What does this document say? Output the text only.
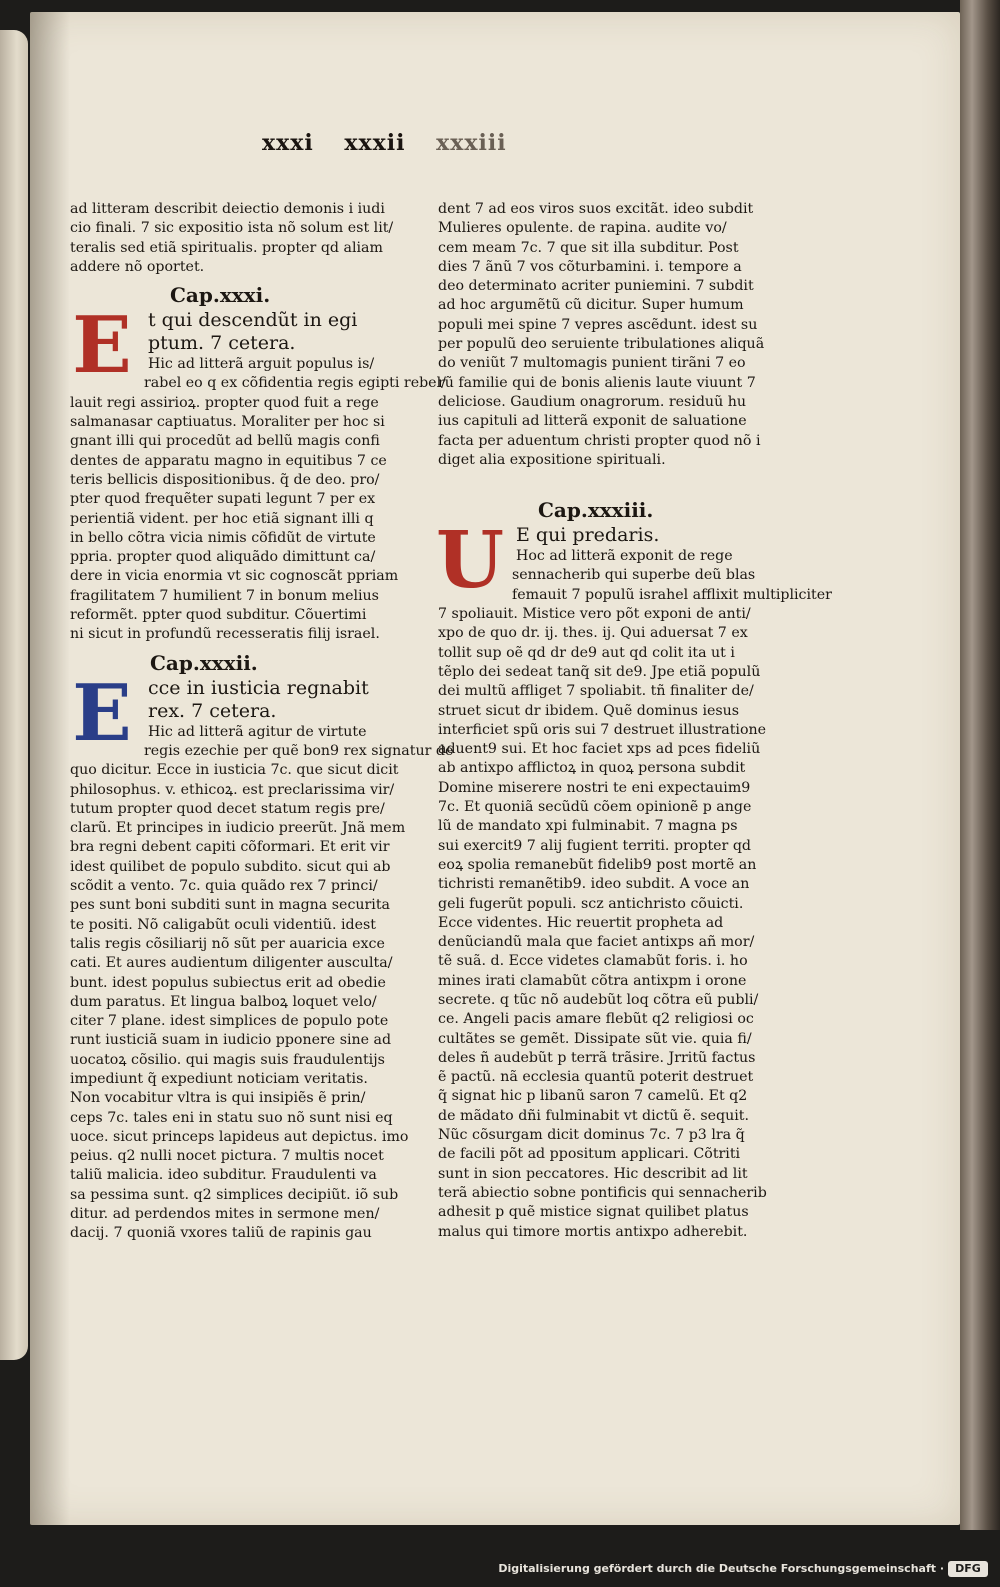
xxxi xxxii xxxiii

ad litteram describit deiectio demonis i iudi

cio finali. 7 sic expositio ista nõ solum est lit/

teralis sed etiã spiritualis. propter qd aliam

addere nõ oportet.

Cap.xxxi.

E t qui descendũt in egi

ptum. 7 cetera.

Hic ad litterã arguit populus is/

rabel eo q ex cõfidentia regis egipti rebel/

lauit regi assirioꝝ. propter quod fuit a rege

salmanasar captiuatus. Moraliter per hoc si

gnant illi qui procedũt ad bellũ magis confi

dentes de apparatu magno in equitibus 7 ce

teris bellicis dispositionibus. q̃ de deo. pro/

pter quod frequẽter supati legunt 7 per ex

perientiã vident. per hoc etiã signant illi q

in bello cõtra vicia nimis cõfidũt de virtute

ppria. propter quod aliquãdo dimittunt ca/

dere in vicia enormia vt sic cognoscãt ppriam

fragilitatem 7 humilient 7 in bonum melius

reformẽt. ppter quod subditur. Cõuertimi

ni sicut in profundũ recesseratis filij israel.

Cap.xxxii.

E cce in iusticia regnabit

rex. 7 cetera.

Hic ad litterã agitur de virtute

regis ezechie per quẽ bon9 rex signatur de

quo dicitur. Ecce in iusticia 7c. que sicut dicit

philosophus. v. ethicoꝝ. est preclarissima vir/

tutum propter quod decet statum regis pre/

clarũ. Et principes in iudicio preerũt. Jnã mem

bra regni debent capiti cõformari. Et erit vir

idest quilibet de populo subdito. sicut qui ab

scõdit a vento. 7c. quia quãdo rex 7 princi/

pes sunt boni subditi sunt in magna securita

te positi. Nõ caligabũt oculi videntiũ. idest

talis regis cõsiliarij nõ sũt per auaricia exce

cati. Et aures audientum diligenter ausculta/

bunt. idest populus subiectus erit ad obedie

dum paratus. Et lingua balboꝝ loquet velo/

citer 7 plane. idest simplices de populo pote

runt iusticiã suam in iudicio pponere sine ad

uocatoꝝ cõsilio. qui magis suis fraudulentijs

impediunt q̃ expediunt noticiam veritatis.

Non vocabitur vltra is qui insipiẽs ẽ prin/

ceps 7c. tales eni in statu suo nõ sunt nisi eq

uoce. sicut princeps lapideus aut depictus. imo

peius. q2 nulli nocet pictura. 7 multis nocet

taliũ malicia. ideo subditur. Fraudulenti va

sa pessima sunt. q2 simplices decipiũt. iõ sub

ditur. ad perdendos mites in sermone men/

dacij. 7 quoniã vxores taliũ de rapinis gau

dent 7 ad eos viros suos excitãt. ideo subdit

Mulieres opulente. de rapina. audite vo/

cem meam 7c. 7 que sit illa subditur. Post

dies 7 ãnũ 7 vos cõturbamini. i. tempore a

deo determinato acriter puniemini. 7 subdit

ad hoc argumẽtũ cũ dicitur. Super humum

populi mei spine 7 vepres ascẽdunt. idest su

per populũ deo seruiente tribulationes aliquã

do veniũt 7 multomagis punient tirãni 7 eo

rũ familie qui de bonis alienis laute viuunt 7

deliciose. Gaudium onagrorum. residuũ hu

ius capituli ad litterã exponit de saluatione

facta per aduentum christi propter quod nõ i

diget alia expositione spirituali.

Cap.xxxiii.

U E qui predaris.

Hoc ad litterã exponit de rege

sennacherib qui superbe deũ blas

femauit 7 populũ israhel afflixit multipliciter

7 spoliauit. Mistice vero põt exponi de anti/

xpo de quo dr. ij. thes. ij. Qui aduersat 7 ex

tollit sup oẽ qd dr de9 aut qd colit ita ut i

tẽplo dei sedeat tanq̃ sit de9. Jpe etiã populũ

dei multũ affliget 7 spoliabit. tñ finaliter de/

struet sicut dr ibidem. Quẽ dominus iesus

interficiet spũ oris sui 7 destruet illustratione

aduent9 sui. Et hoc faciet xps ad pces fideliũ

ab antixpo afflictoꝝ in quoꝝ persona subdit

Domine miserere nostri te eni expectauim9

7c. Et quoniã secũdũ cõem opinionẽ p ange

lũ de mandato xpi fulminabit. 7 magna ps

sui exercit9 7 alij fugient territi. propter qd

eoꝝ spolia remanebũt fidelib9 post mortẽ an

tichristi remanẽtib9. ideo subdit. A voce an

geli fugerũt populi. scz antichristo cõuicti.

Ecce videntes. Hic reuertit propheta ad

denũciandũ mala que faciet antixps añ mor/

tẽ suã. d. Ecce videtes clamabũt foris. i. ho

mines irati clamabũt cõtra antixpm i orone

secrete. q tũc nõ audebũt loq cõtra eũ publi/

ce. Angeli pacis amare flebũt q2 religiosi oc

cultãtes se gemẽt. Dissipate sũt vie. quia fi/

deles ñ audebũt p terrã trãsire. Jrritũ factus

ẽ pactũ. nã ecclesia quantũ poterit destruet

q̃ signat hic p libanũ saron 7 camelũ. Et q2

de mãdato dñi fulminabit vt dictũ ẽ. sequit.

Nũc cõsurgam dicit dominus 7c. 7 p3 lra q̃

de facili põt ad ppositum applicari. Cõtriti

sunt in sion peccatores. Hic describit ad lit

terã abiectio sobne pontificis qui sennacherib

adhesit p quẽ mistice signat quilibet platus

malus qui timore mortis antixpo adherebit.

Digitalisierung gefördert durch die Deutsche Forschungsgemeinschaft ·	DFG
